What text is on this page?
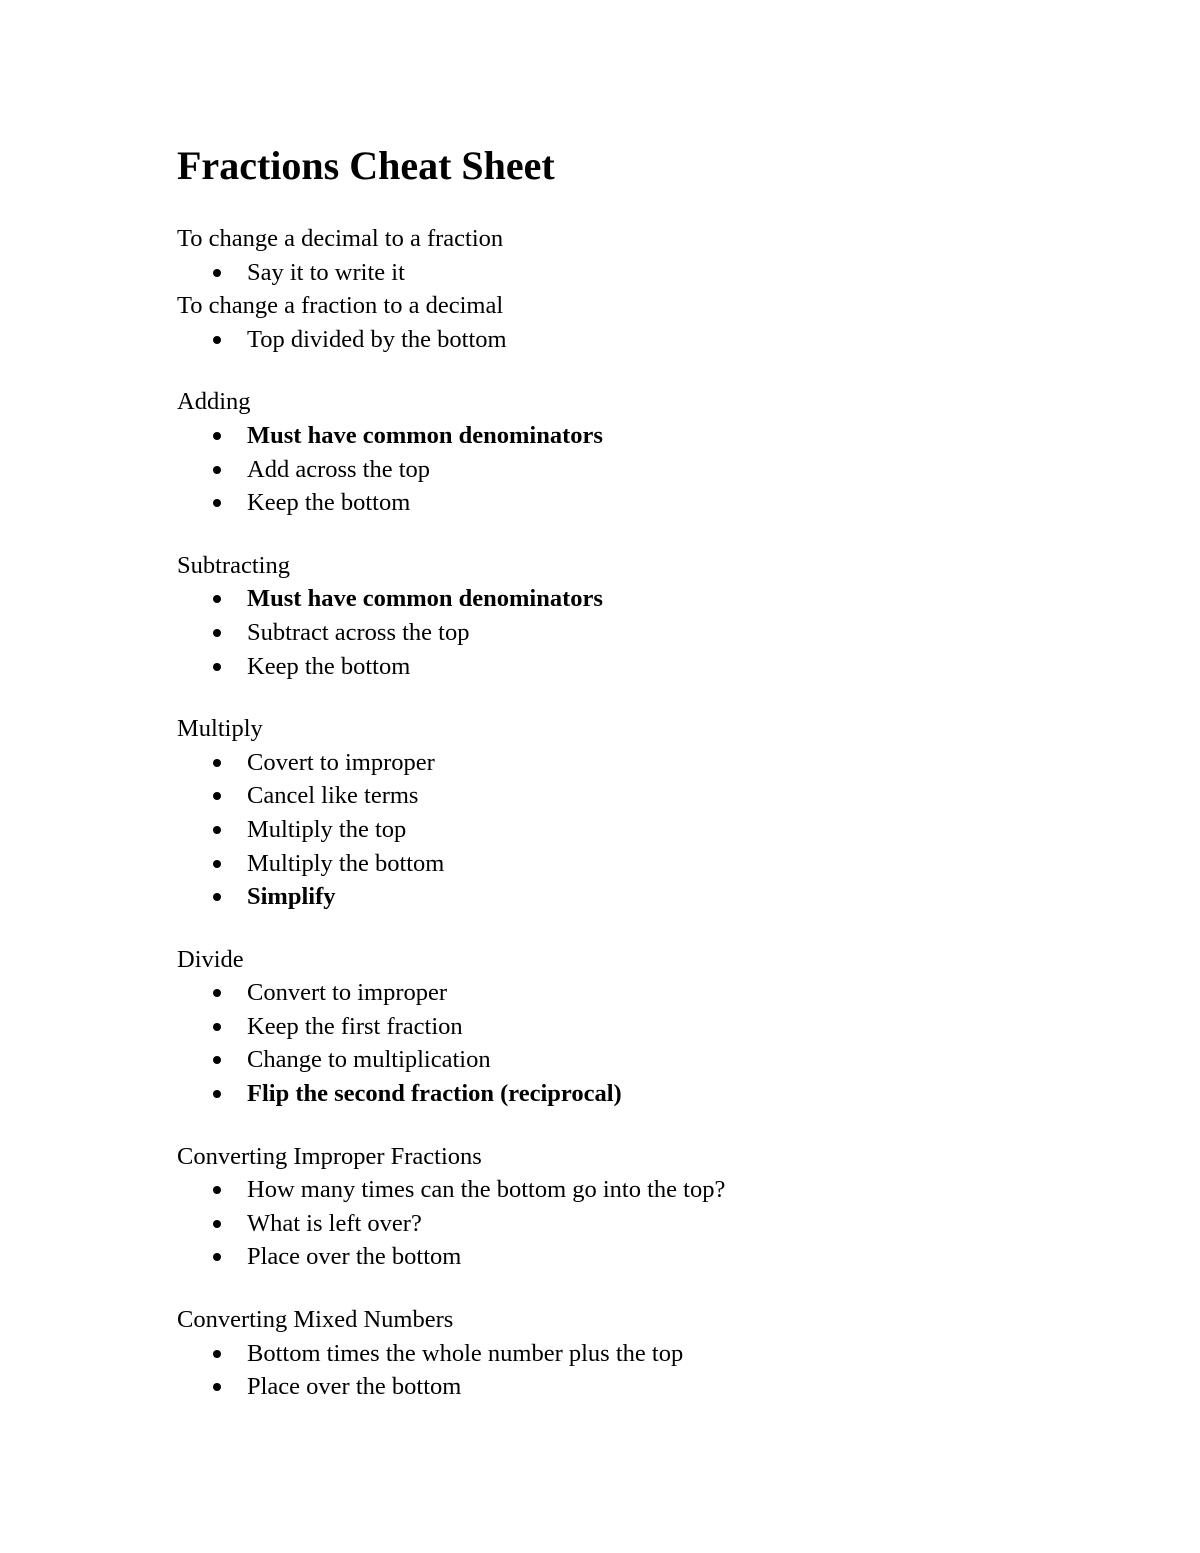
Fractions Cheat Sheet

To change a decimal to a fraction

Say it to write it

To change a fraction to a decimal

Top divided by the bottom

Adding

Must have common denominators
Add across the top
Keep the bottom

Subtracting

Must have common denominators
Subtract across the top
Keep the bottom

Multiply

Covert to improper
Cancel like terms
Multiply the top
Multiply the bottom
Simplify

Divide

Convert to improper
Keep the first fraction
Change to multiplication
Flip the second fraction (reciprocal)

Converting Improper Fractions

How many times can the bottom go into the top?
What is left over?
Place over the bottom

Converting Mixed Numbers

Bottom times the whole number plus the top
Place over the bottom
